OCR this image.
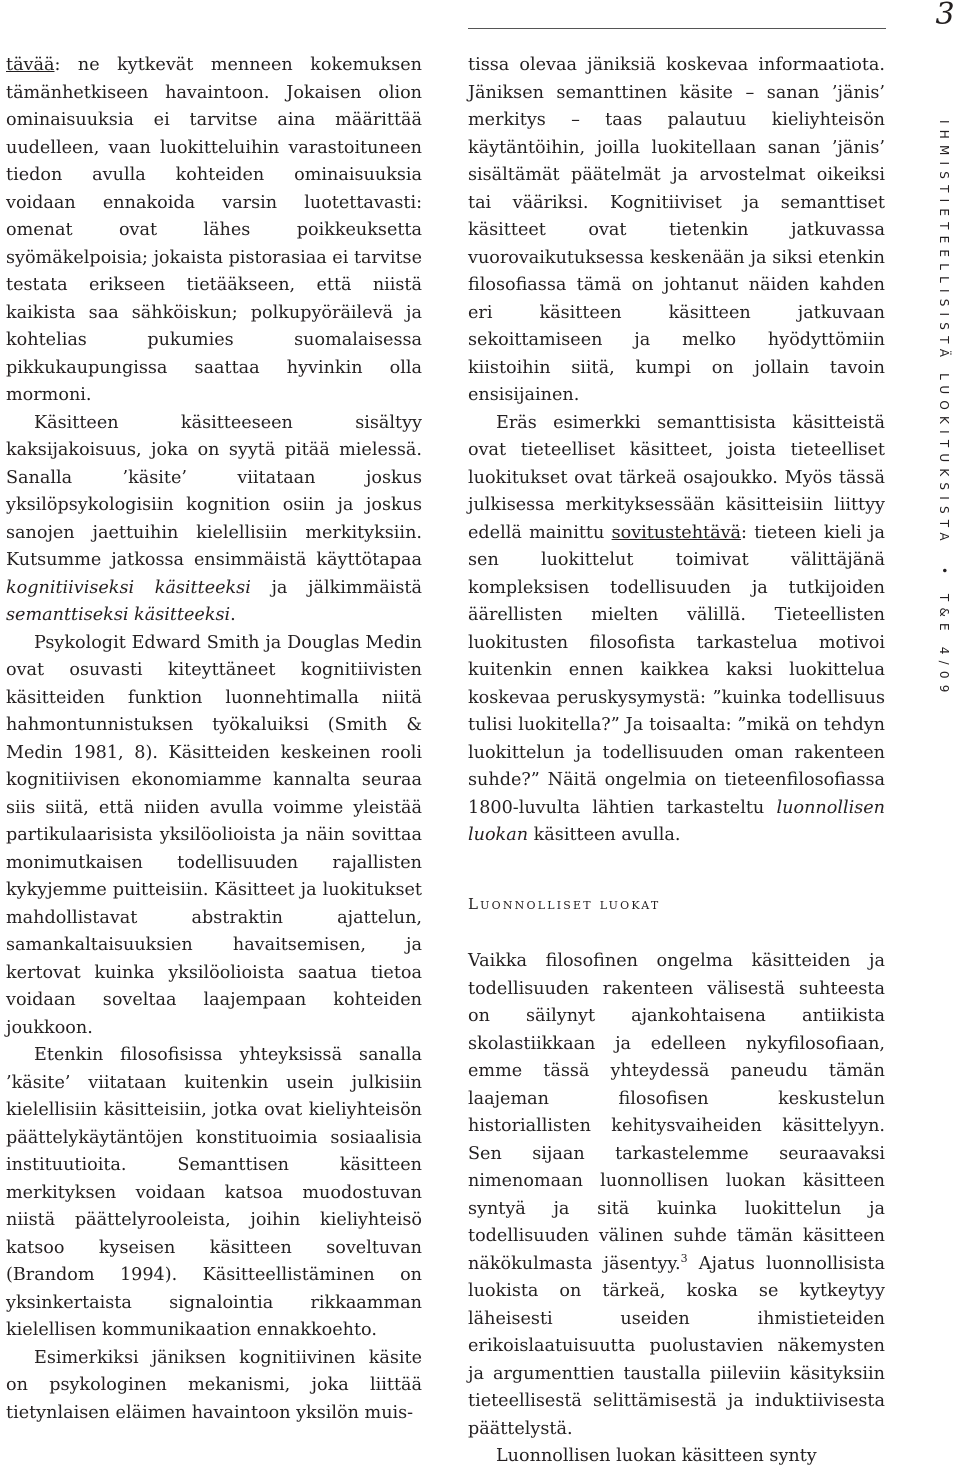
3
IHMISTIETEELLISISTÄ LUOKITUKSISTA • T&E 4/09

tävää: ne kytkevät menneen kokemuksen tämänhetkiseen havaintoon. Jokaisen olion ominaisuuksia ei tarvitse aina määrittää uudelleen, vaan luokitteluihin varastoituneen tiedon avulla kohteiden ominaisuuksia voidaan ennakoida varsin luotettavasti: omenat ovat lähes poikkeuksetta syömäkelpoisia; jokaista pistorasiaa ei tarvitse testata erikseen tietääkseen, että niistä kaikista saa sähköiskun; polkupyöräilevä ja kohtelias pukumies suomalaisessa pikkukaupungissa saattaa hyvinkin olla mormoni.

Käsitteen käsitteeseen sisältyy kaksijakoisuus, joka on syytä pitää mielessä. Sanalla ’käsite’ viitataan joskus yksilöpsykologisiin kognition osiin ja joskus sanojen jaettuihin kielellisiin merkityksiin. Kutsumme jatkossa ensimmäistä käyttötapaa kognitiiviseksi käsitteeksi ja jälkimmäistä semanttiseksi käsitteeksi.

Psykologit Edward Smith ja Douglas Medin ovat osuvasti kiteyttäneet kognitiivisten käsitteiden funktion luonnehtimalla niitä hahmontunnistuksen työkaluiksi (Smith & Medin 1981, 8). Käsitteiden keskeinen rooli kognitiivisen ekonomiamme kannalta seuraa siis siitä, että niiden avulla voimme yleistää partikulaarisista yksilöolioista ja näin sovittaa monimutkaisen todellisuuden rajallisten kykyjemme puitteisiin. Käsitteet ja luokitukset mahdollistavat abstraktin ajattelun, samankaltaisuuksien havaitsemisen, ja kertovat kuinka yksilöolioista saatua tietoa voidaan soveltaa laajempaan kohteiden joukkoon.

Etenkin filosofisissa yhteyksissä sanalla ’käsite’ viitataan kuitenkin usein julkisiin kielellisiin käsitteisiin, jotka ovat kieliyhteisön päättelykäytäntöjen konstituoimia sosiaalisia instituutioita. Semanttisen käsitteen merkityksen voidaan katsoa muodostuvan niistä päättelyrooleista, joihin kieliyhteisö katsoo kyseisen käsitteen soveltuvan (Brandom 1994). Käsitteellistäminen on yksinkertaista signalointia rikkaamman kielellisen kommunikaation ennakkoehto.

Esimerkiksi jäniksen kognitiivinen käsite on psykologinen mekanismi, joka liittää tietynlaisen eläimen havaintoon yksilön muis-

tissa olevaa jäniksiä koskevaa informaatiota. Jäniksen semanttinen käsite – sanan ’jänis’ merkitys – taas palautuu kieliyhteisön käytäntöihin, joilla luokitellaan sanan ’jänis’ sisältämät päätelmät ja arvostelmat oikeiksi tai vääriksi. Kognitiiviset ja semanttiset käsitteet ovat tietenkin jatkuvassa vuorovaikutuksessa keskenään ja siksi etenkin filosofiassa tämä on johtanut näiden kahden eri käsitteen käsitteen jatkuvaan sekoittamiseen ja melko hyödyttömiin kiistoihin siitä, kumpi on jollain tavoin ensisijainen.

Eräs esimerkki semanttisista käsitteistä ovat tieteelliset käsitteet, joista tieteelliset luokitukset ovat tärkeä osajoukko. Myös tässä julkisessa merkityksessään käsitteisiin liittyy edellä mainittu sovitustehtävä: tieteen kieli ja sen luokittelut toimivat välittäjänä kompleksisen todellisuuden ja tutkijoiden äärellisten mielten välillä. Tieteellisten luokitusten filosofista tarkastelua motivoi kuitenkin ennen kaikkea kaksi luokittelua koskevaa peruskysymystä: ”kuinka todellisuus tulisi luokitella?” Ja toisaalta: ”mikä on tehdyn luokittelun ja todellisuuden oman rakenteen suhde?” Näitä ongelmia on tieteenfilosofiassa 1800-luvulta lähtien tarkasteltu luonnollisen luokan käsitteen avulla.

Luonnolliset luokat

Vaikka filosofinen ongelma käsitteiden ja todellisuuden rakenteen välisestä suhteesta on säilynyt ajankohtaisena antiikista skolastiikkaan ja edelleen nykyfilosofiaan, emme tässä yhteydessä paneudu tämän laajeman filosofisen keskustelun historiallisten kehitysvaiheiden käsittelyyn. Sen sijaan tarkastelemme seuraavaksi nimenomaan luonnollisen luokan käsitteen syntyä ja sitä kuinka luokittelun ja todellisuuden välinen suhde tämän käsitteen näkökulmasta jäsentyy.$^3$ Ajatus luonnollisista luokista on tärkeä, koska se kytkeytyy läheisesti useiden ihmistieteiden erikoislaatuisuutta puolustavien näkemysten ja argumenttien taustalla piileviin käsityksiin tieteellisestä selittämisestä ja induktiivisesta päättelystä.

Luonnollisen luokan käsitteen synty
